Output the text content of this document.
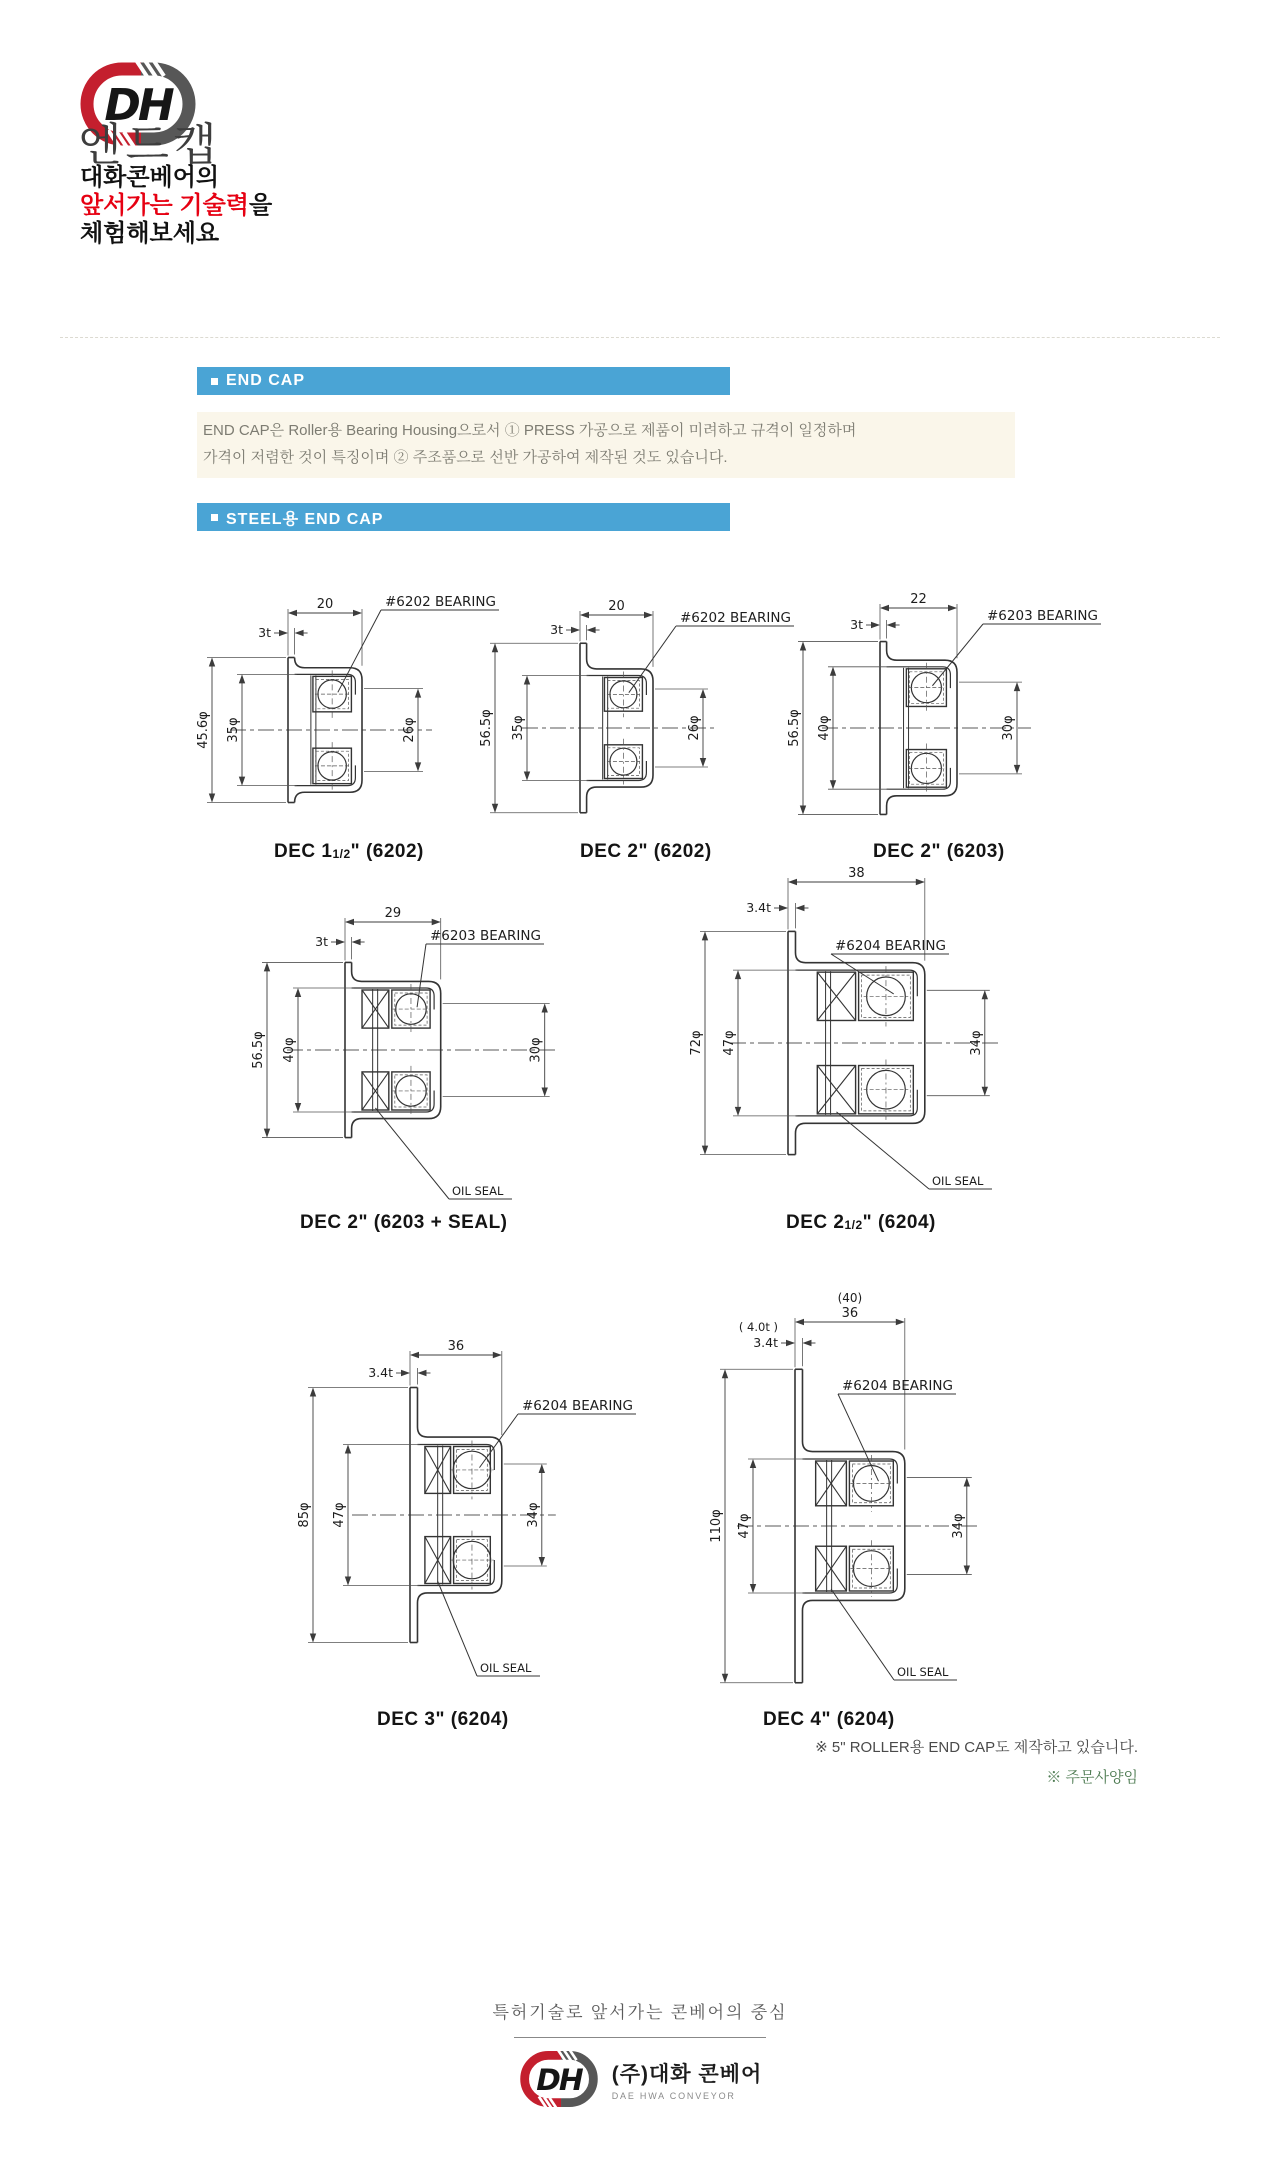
DH
엔드캡
대화콘베어의
앞서가는 기술력을
체험해보세요
END CAP
END CAP은 Roller용 Bearing Housing으로서 ① PRESS 가공으로 제품이 미려하고 규격이 일정하며
가격이 저렴한 것이 특징이며 ② 주조품으로 선반 가공하여 제작된 것도 있습니다.
STEEL용 END CAP
45.6φ 35φ	26φ
20
3t
#6202 BEARING
DEC 11/2" (6202)
56.5φ 35φ	26φ
20
3t
#6202 BEARING
DEC 2" (6202)
56.5φ 40φ	30φ
22
3t
#6203 BEARING
DEC 2" (6203)
56.5φ 40φ	30φ
29
3t	#6203 BEARING
OIL SEAL
DEC 2" (6203 + SEAL)
72φ 47φ	34φ
38
3.4t
#6204 BEARING
OIL SEAL
DEC 21/2" (6204)
85φ 47φ	34φ
36
3.4t
#6204 BEARING
OIL SEAL
DEC 3" (6204)
110φ 47φ	34φ
36
(40)
3.4t
( 4.0t )
#6204 BEARING
OIL SEAL
DEC 4" (6204)
※ 5" ROLLER용 END CAP도 제작하고 있습니다.
※ 주문사양임
특허기술로 앞서가는 콘베어의 중심
DH (주)대화 콘베어
DAE HWA CONVEYOR
